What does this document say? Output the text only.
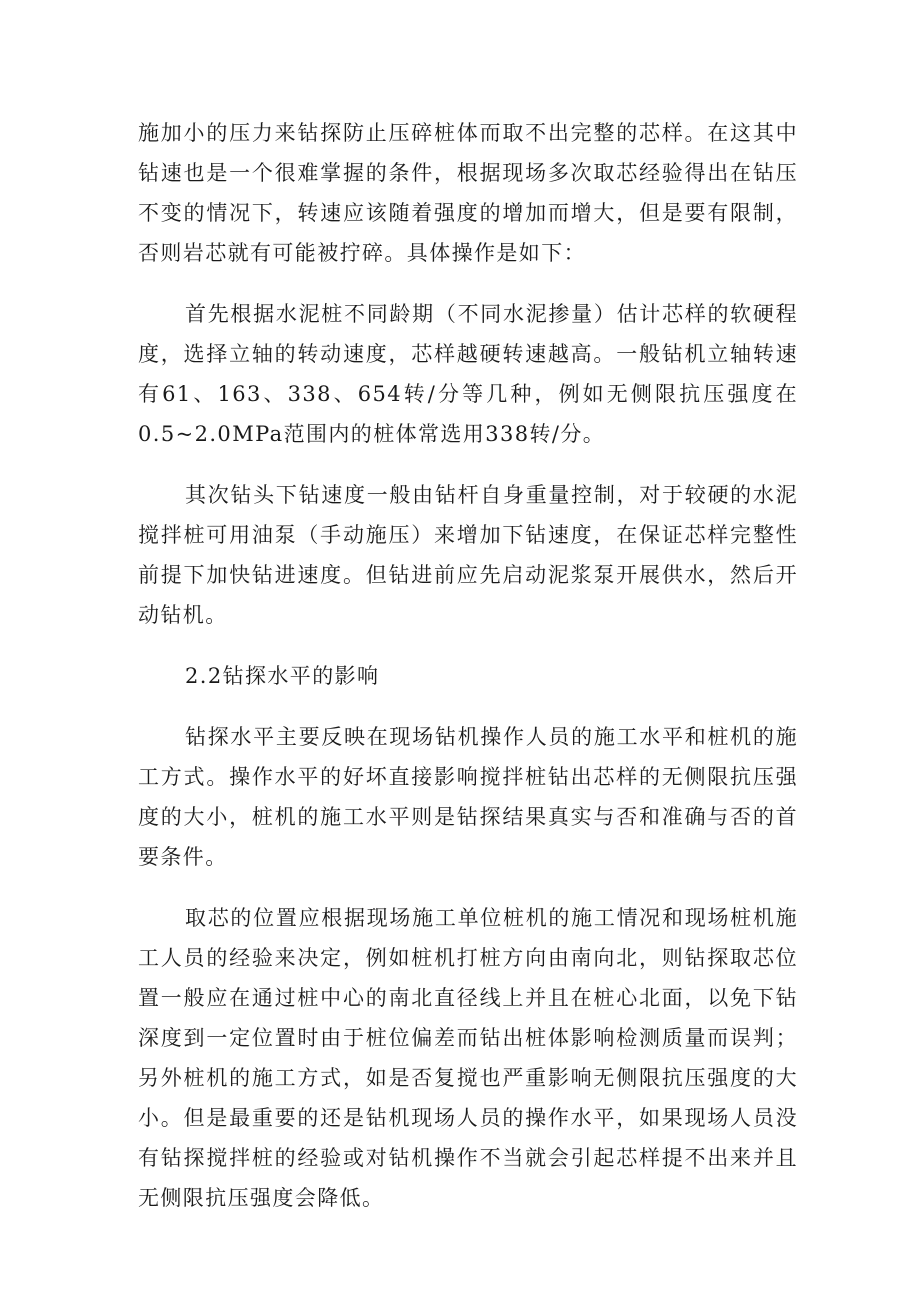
施加小的压力来钻探防止压碎桩体而取不出完整的芯样。在这其中钻速也是一个很难掌握的条件，根据现场多次取芯经验得出在钻压不变的情况下，转速应该随着强度的增加而增大，但是要有限制，否则岩芯就有可能被拧碎。具体操作是如下：

首先根据水泥桩不同龄期（不同水泥掺量）估计芯样的软硬程度，选择立轴的转动速度，芯样越硬转速越高。一般钻机立轴转速有61、163、338、654转/分等几种，例如无侧限抗压强度在0.5~2.0MPa范围内的桩体常选用338转/分。

其次钻头下钻速度一般由钻杆自身重量控制，对于较硬的水泥搅拌桩可用油泵（手动施压）来增加下钻速度，在保证芯样完整性前提下加快钻进速度。但钻进前应先启动泥浆泵开展供水，然后开动钻机。

2.2钻探水平的影响

钻探水平主要反映在现场钻机操作人员的施工水平和桩机的施工方式。操作水平的好坏直接影响搅拌桩钻出芯样的无侧限抗压强度的大小，桩机的施工水平则是钻探结果真实与否和准确与否的首要条件。

取芯的位置应根据现场施工单位桩机的施工情况和现场桩机施工人员的经验来决定，例如桩机打桩方向由南向北，则钻探取芯位置一般应在通过桩中心的南北直径线上并且在桩心北面，以免下钻深度到一定位置时由于桩位偏差而钻出桩体影响检测质量而误判；另外桩机的施工方式，如是否复搅也严重影响无侧限抗压强度的大小。但是最重要的还是钻机现场人员的操作水平，如果现场人员没有钻探搅拌桩的经验或对钻机操作不当就会引起芯样提不出来并且无侧限抗压强度会降低。
